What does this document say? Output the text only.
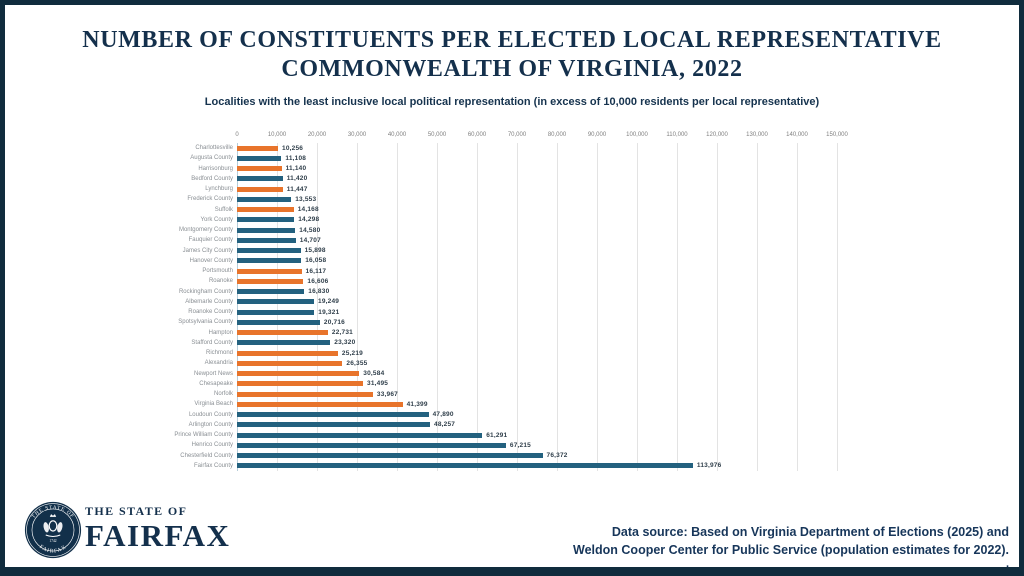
NUMBER OF CONSTITUENTS PER ELECTED LOCAL REPRESENTATIVE
COMMONWEALTH OF VIRGINIA, 2022
Localities with the least inclusive local political representation (in excess of 10,000 residents per local representative)
0	10,000	20,000	30,000	40,000	50,000	60,000	70,000	80,000	90,000	100,000	110,000	120,000	130,000	140,000	150,000
Charlottesville	10,256
Augusta County	11,108
Harrisonburg	11,140
Bedford County	11,420
Lynchburg	11,447
Frederick County	13,553
Suffolk	14,168
York County	14,298
Montgomery County	14,580
Fauquier County	14,707
James City County	15,898
Hanover County	16,058
Portsmouth	16,117
Roanoke	16,606
Rockingham County	16,830
Albemarle County	19,249
Roanoke County	19,321
Spotsylvania County	20,716
Hampton	22,731
Stafford County	23,320
Richmond	25,219
Alexandria	26,355
Newport News	30,584
Chesapeake	31,495
Norfolk	33,967
Virginia Beach	41,399
Loudoun County	47,890
Arlington County	48,257
Prince William County	61,291
Henrico County	67,215
Chesterfield County	76,372
Fairfax County	113,976
THE STATE OF
FAIRFAX
1742
THE STATE OF
FAIRFAX	Data source: Based on Virginia Department of Elections (2025) and
Weldon Cooper Center for Public Service (population estimates for 2022).
.
